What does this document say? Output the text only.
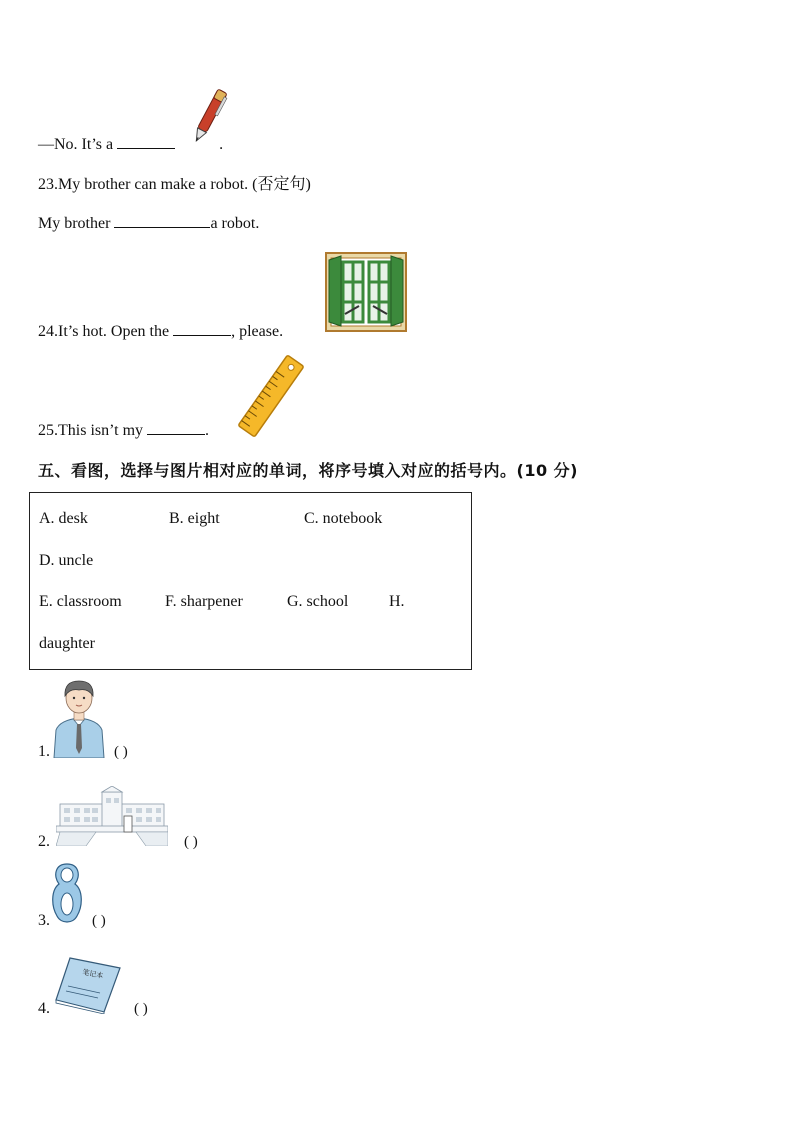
—No. It’s a	.
23.My brother can make a robot. (否定句)
My brother	a robot.
24.It’s hot. Open the	, please.
25.This isn’t my	.
五、看图，选择与图片相对应的单词，将序号填入对应的括号内。(10 分)
A. desk	B. eight	C. notebook
D. uncle
E. classroom	F. sharpener	G. school	H.
daughter
1.	( )
2.	( )
3.	( )
笔记本
4.	( )
